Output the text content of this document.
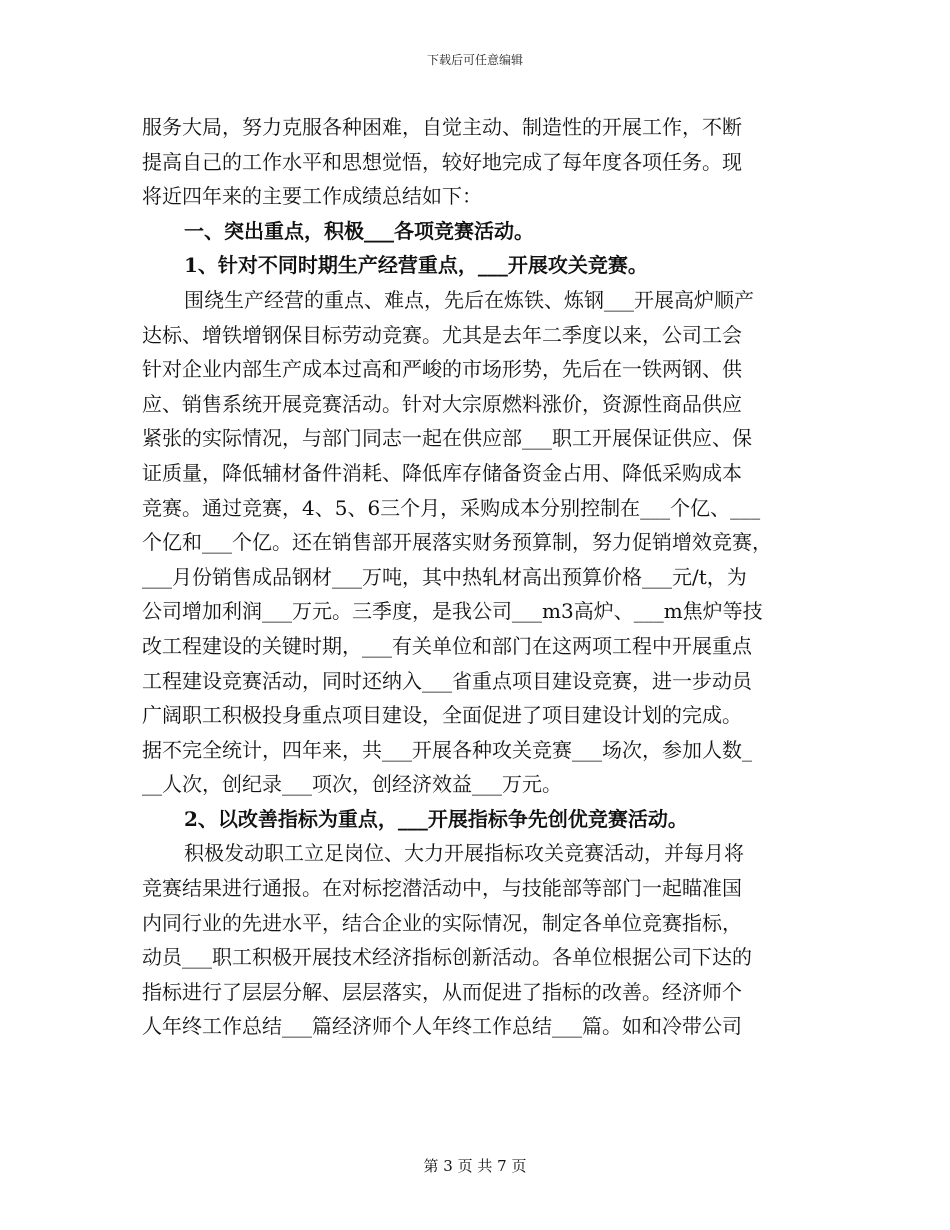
下载后可任意编辑
服务大局，努力克服各种困难，自觉主动、制造性的开展工作，不断
提高自己的工作水平和思想觉悟，较好地完成了每年度各项任务。现
将近四年来的主要工作成绩总结如下：
一、突出重点，积极___各项竞赛活动。
1、针对不同时期生产经营重点，___开展攻关竞赛。
围绕生产经营的重点、难点，先后在炼铁、炼钢___开展高炉顺产
达标、增铁增钢保目标劳动竞赛。尤其是去年二季度以来，公司工会
针对企业内部生产成本过高和严峻的市场形势，先后在一铁两钢、供
应、销售系统开展竞赛活动。针对大宗原燃料涨价，资源性商品供应
紧张的实际情况，与部门同志一起在供应部___职工开展保证供应、保
证质量，降低辅材备件消耗、降低库存储备资金占用、降低采购成本
竞赛。通过竞赛，4、5、6三个月，采购成本分别控制在___个亿、___
个亿和___个亿。还在销售部开展落实财务预算制，努力促销增效竞赛，
___月份销售成品钢材___万吨，其中热轧材高出预算价格___元/t，为
公司增加利润___万元。三季度，是我公司___m3高炉、___m焦炉等技
改工程建设的关键时期，___有关单位和部门在这两项工程中开展重点
工程建设竞赛活动，同时还纳入___省重点项目建设竞赛，进一步动员
广阔职工积极投身重点项目建设，全面促进了项目建设计划的完成。
据不完全统计，四年来，共___开展各种攻关竞赛___场次，参加人数_
__人次，创纪录___项次，创经济效益___万元。
2、以改善指标为重点，___开展指标争先创优竞赛活动。
积极发动职工立足岗位、大力开展指标攻关竞赛活动，并每月将
竞赛结果进行通报。在对标挖潜活动中，与技能部等部门一起瞄准国
内同行业的先进水平，结合企业的实际情况，制定各单位竞赛指标，
动员___职工积极开展技术经济指标创新活动。各单位根据公司下达的
指标进行了层层分解、层层落实，从而促进了指标的改善。经济师个
人年终工作总结___篇经济师个人年终工作总结___篇。如和冷带公司
第 3 页 共 7 页
